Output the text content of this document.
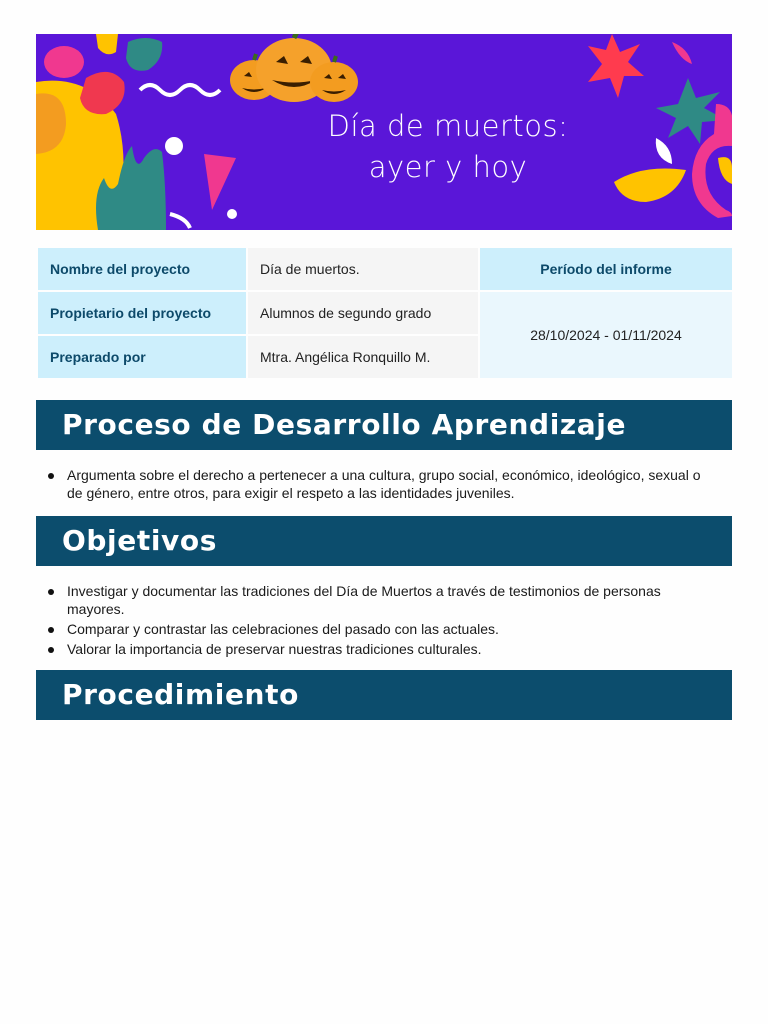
Día de muertos:
ayer y hoy
Nombre del proyecto	Día de muertos.	Período del informe
Propietario del proyecto	Alumnos de segundo grado	28/10/2024 - 01/11/2024
Preparado por	Mtra. Angélica Ronquillo M.	
Proceso de Desarrollo Aprendizaje
Argumenta sobre el derecho a pertenecer a una cultura, grupo social, económico, ideológico, sexual o de género, entre otros, para exigir el respeto a las identidades juveniles.
Objetivos
Investigar y documentar las tradiciones del Día de Muertos a través de testimonios de personas mayores.
Comparar y contrastar las celebraciones del pasado con las actuales.
Valorar la importancia de preservar nuestras tradiciones culturales.
Procedimiento
